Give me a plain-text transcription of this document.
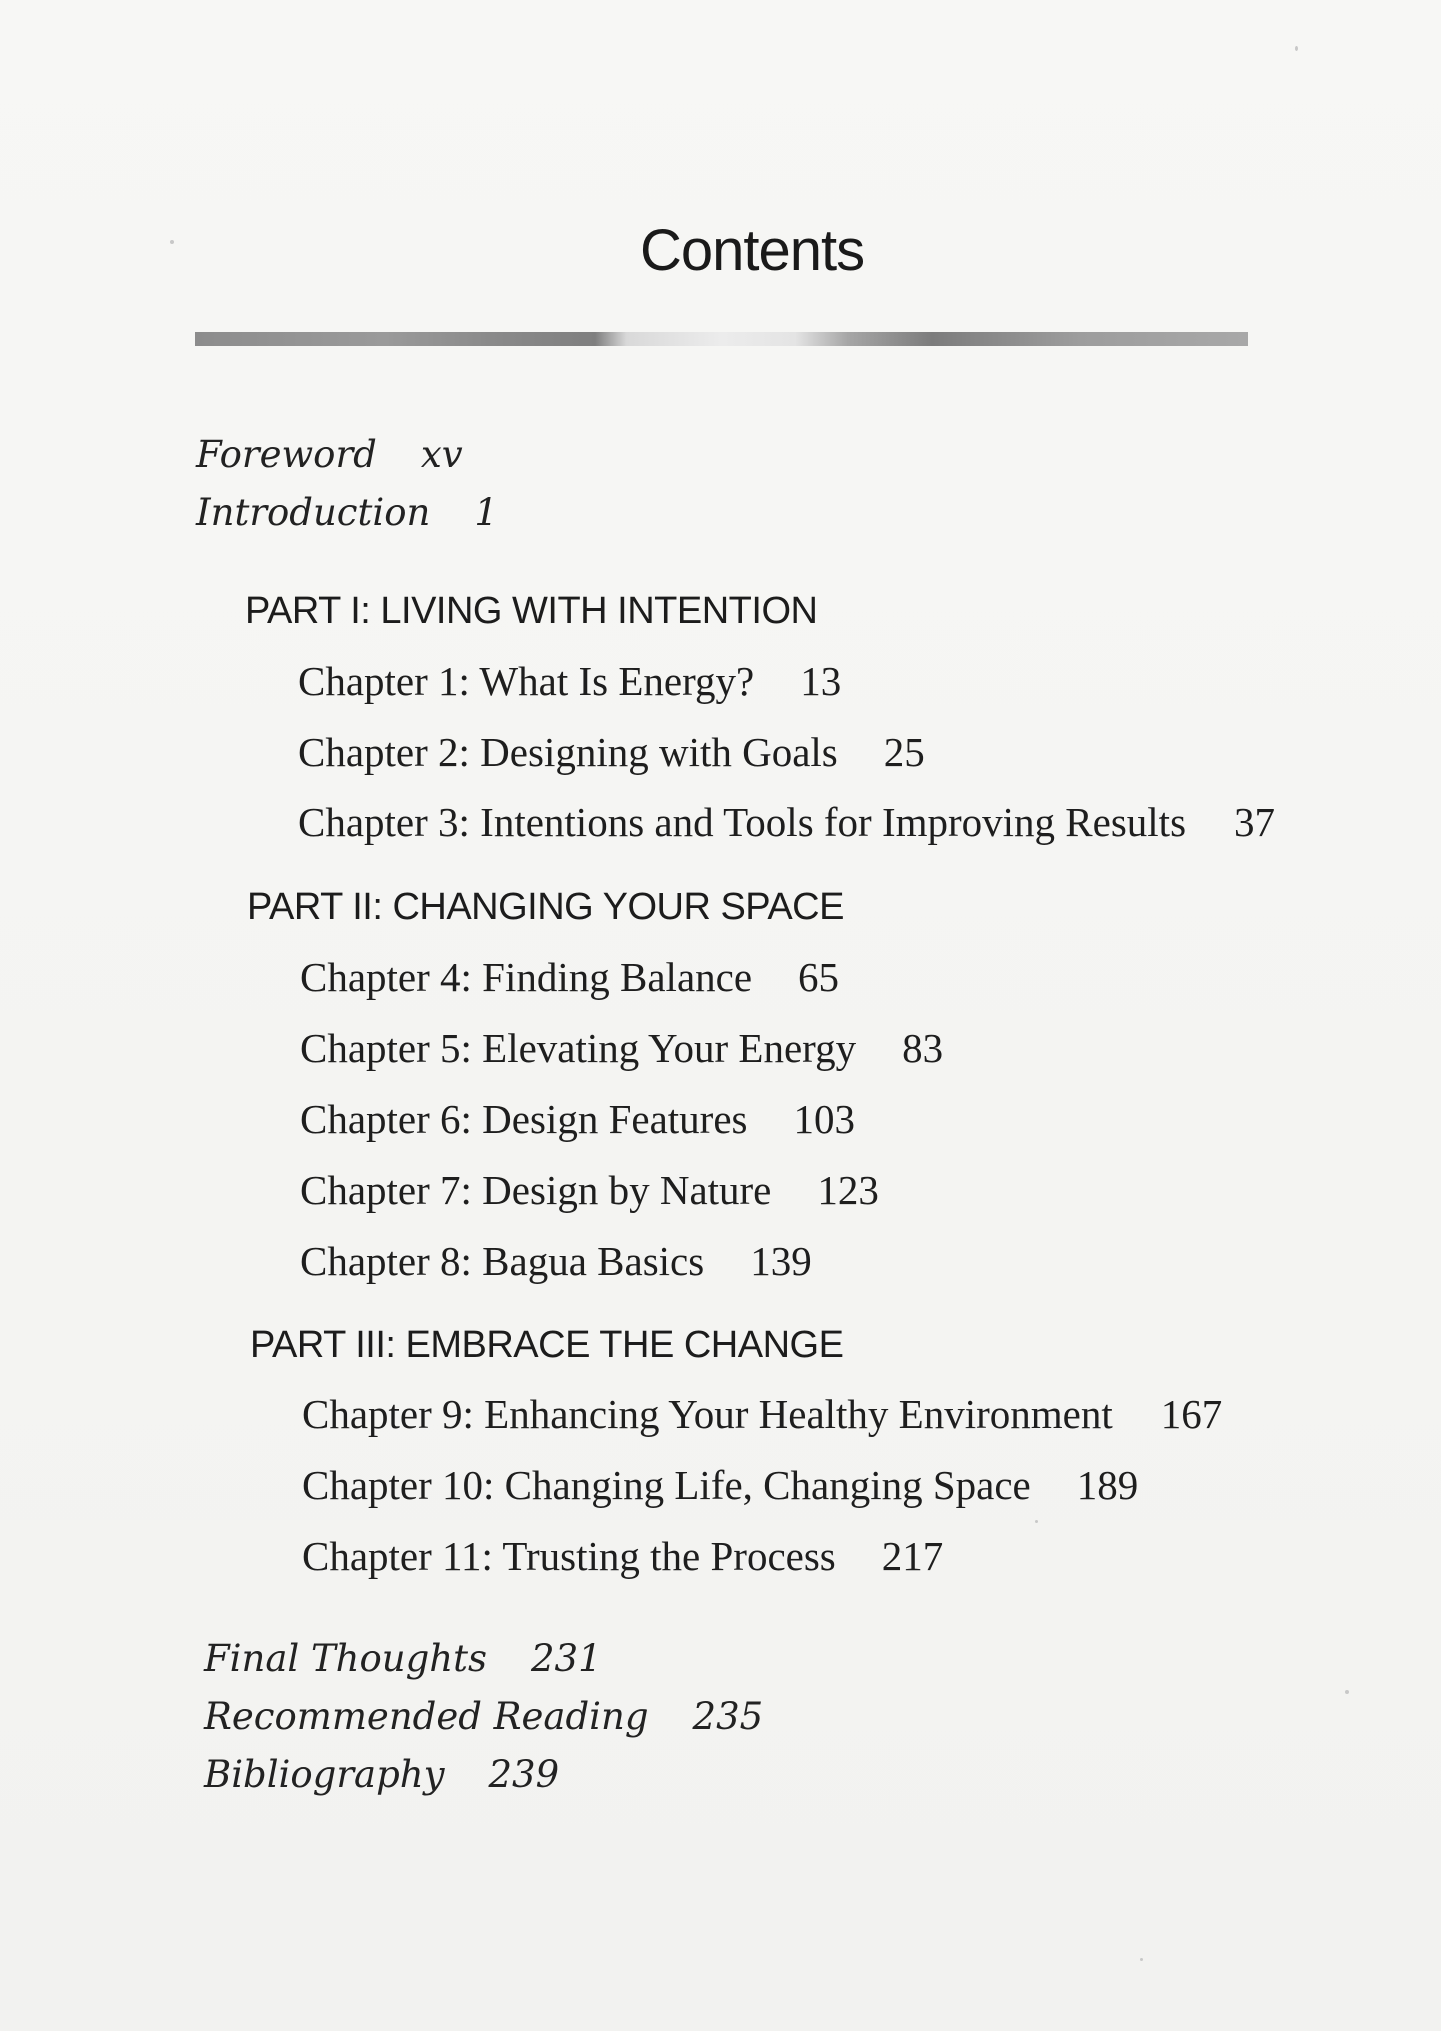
Contents
Foreword xv
Introduction 1
PART I: LIVING WITH INTENTION
Chapter 1: What Is Energy? 13
Chapter 2: Designing with Goals 25
Chapter 3: Intentions and Tools for Improving Results 37
PART II: CHANGING YOUR SPACE
Chapter 4: Finding Balance 65
Chapter 5: Elevating Your Energy 83
Chapter 6: Design Features 103
Chapter 7: Design by Nature 123
Chapter 8: Bagua Basics 139
PART III: EMBRACE THE CHANGE
Chapter 9: Enhancing Your Healthy Environment 167
Chapter 10: Changing Life, Changing Space 189
Chapter 11: Trusting the Process 217
Final Thoughts 231
Recommended Reading 235
Bibliography 239
